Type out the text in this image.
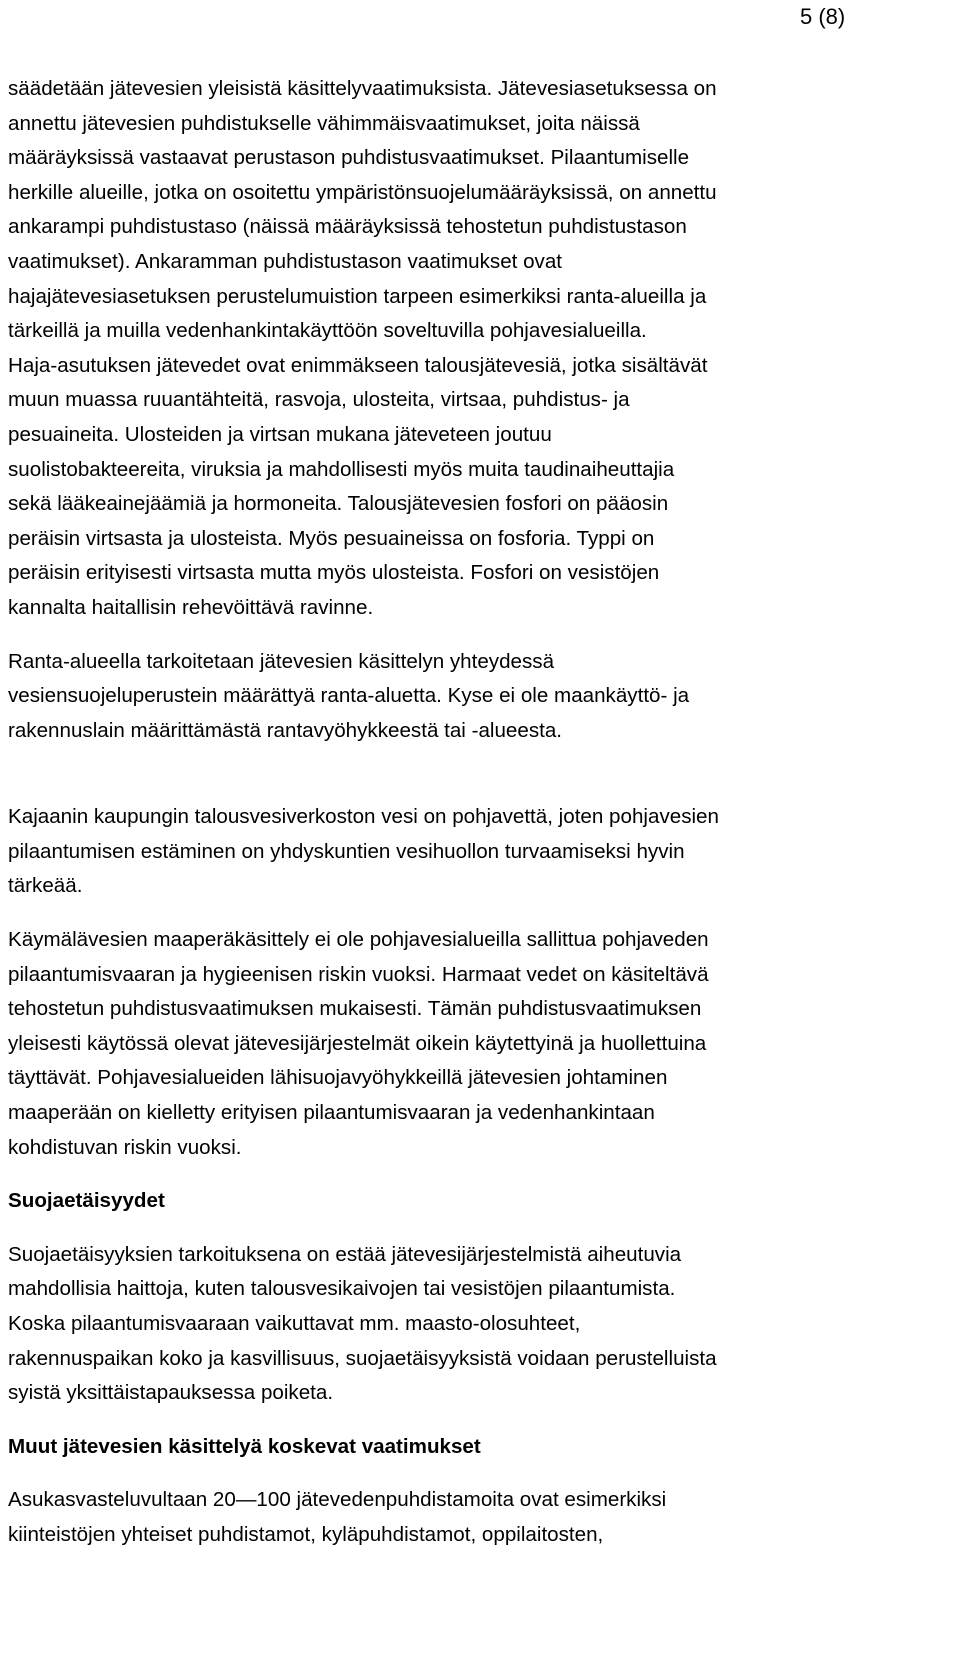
5 (8)

säädetään jätevesien yleisistä käsittelyvaatimuksista. Jätevesiasetuksessa on
annettu jätevesien puhdistukselle vähimmäisvaatimukset, joita näissä
määräyksissä vastaavat perustason puhdistusvaatimukset. Pilaantumiselle
herkille alueille, jotka on osoitettu ympäristönsuojelumääräyksissä, on annettu
ankarampi puhdistustaso (näissä määräyksissä tehostetun puhdistustason
vaatimukset). Ankaramman puhdistustason vaatimukset ovat
hajajätevesiasetuksen perustelumuistion tarpeen esimerkiksi ranta-alueilla ja
tärkeillä ja muilla vedenhankintakäyttöön soveltuvilla pohjavesialueilla.
Haja-asutuksen jätevedet ovat enimmäkseen talousjätevesiä, jotka sisältävät
muun muassa ruuantähteitä, rasvoja, ulosteita, virtsaa, puhdistus- ja
pesuaineita. Ulosteiden ja virtsan mukana jäteveteen joutuu
suolistobakteereita, viruksia ja mahdollisesti myös muita taudinaiheuttajia
sekä lääkeainejäämiä ja hormoneita. Talousjätevesien fosfori on pääosin
peräisin virtsasta ja ulosteista. Myös pesuaineissa on fosforia. Typpi on
peräisin erityisesti virtsasta mutta myös ulosteista. Fosfori on vesistöjen
kannalta haitallisin rehevöittävä ravinne.

Ranta-alueella tarkoitetaan jätevesien käsittelyn yhteydessä
vesiensuojeluperustein määrättyä ranta-aluetta. Kyse ei ole maankäyttö- ja
rakennuslain määrittämästä rantavyöhykkeestä tai -alueesta.

Kajaanin kaupungin talousvesiverkoston vesi on pohjavettä, joten pohjavesien
pilaantumisen estäminen on yhdyskuntien vesihuollon turvaamiseksi hyvin
tärkeää.

Käymälävesien maaperäkäsittely ei ole pohjavesialueilla sallittua pohjaveden
pilaantumisvaaran ja hygieenisen riskin vuoksi. Harmaat vedet on käsiteltävä
tehostetun puhdistusvaatimuksen mukaisesti. Tämän puhdistusvaatimuksen
yleisesti käytössä olevat jätevesijärjestelmät oikein käytettyinä ja huollettuina
täyttävät. Pohjavesialueiden lähisuojavyöhykkeillä jätevesien johtaminen
maaperään on kielletty erityisen pilaantumisvaaran ja vedenhankintaan
kohdistuvan riskin vuoksi.

Suojaetäisyydet

Suojaetäisyyksien tarkoituksena on estää jätevesijärjestelmistä aiheutuvia
mahdollisia haittoja, kuten talousvesikaivojen tai vesistöjen pilaantumista.
Koska pilaantumisvaaraan vaikuttavat mm. maasto-olosuhteet,
rakennuspaikan koko ja kasvillisuus, suojaetäisyyksistä voidaan perustelluista
syistä yksittäistapauksessa poiketa.

Muut jätevesien käsittelyä koskevat vaatimukset

Asukasvasteluvultaan 20—100 jätevedenpuhdistamoita ovat esimerkiksi
kiinteistöjen yhteiset puhdistamot, kyläpuhdistamot, oppilaitosten,
